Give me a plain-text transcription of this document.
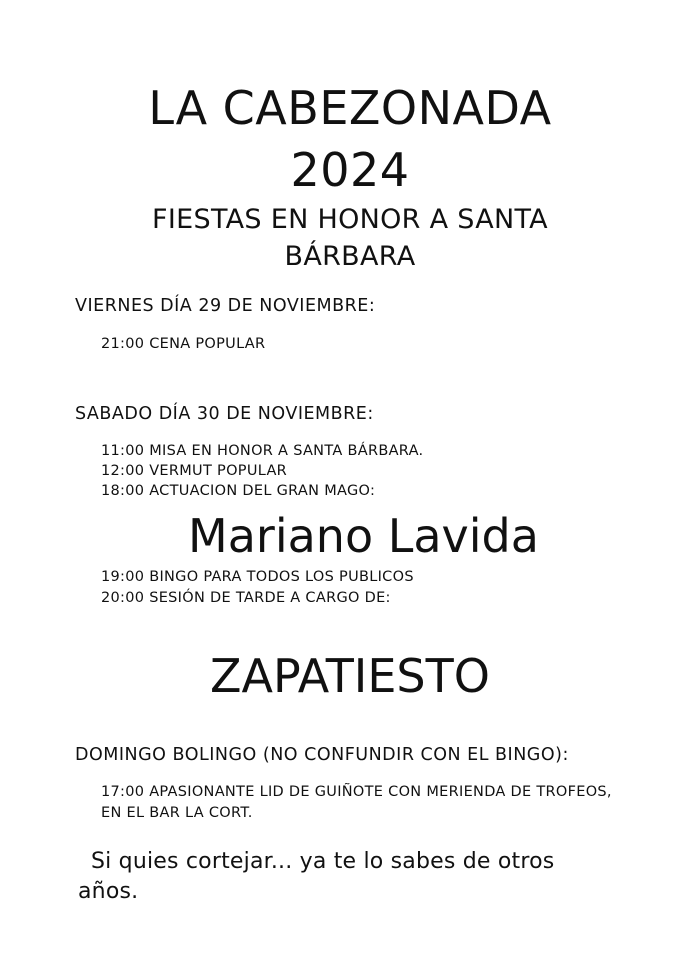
LA CABEZONADA
2024
FIESTAS EN HONOR A SANTA
BÁRBARA
VIERNES DÍA 29 DE NOVIEMBRE:
21:00 CENA POPULAR
SABADO DÍA 30 DE NOVIEMBRE:
11:00 MISA EN HONOR A SANTA BÁRBARA.
12:00 VERMUT POPULAR
18:00 ACTUACION DEL GRAN MAGO:
Mariano Lavida
19:00 BINGO PARA TODOS LOS PUBLICOS
20:00 SESIÓN DE TARDE A CARGO DE:
ZAPATIESTO
DOMINGO BOLINGO (NO CONFUNDIR CON EL BINGO):
17:00 APASIONANTE LID DE GUIÑOTE CON MERIENDA DE TROFEOS,
EN EL BAR LA CORT.
Si quies cortejar... ya te lo sabes de otros
años.
